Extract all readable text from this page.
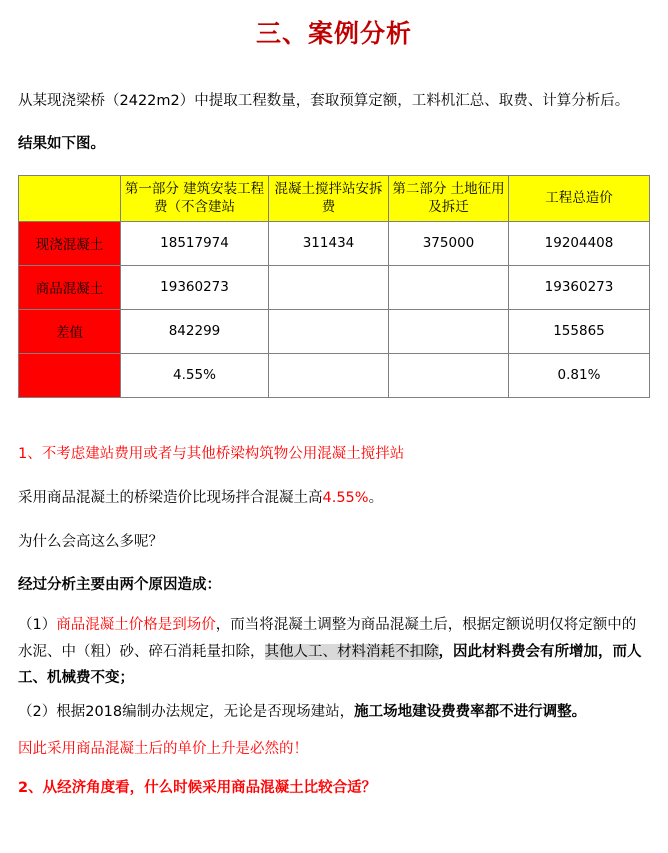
三、案例分析

从某现浇梁桥（2422m2）中提取工程数量，套取预算定额，工料机汇总、取费、计算分析后。

结果如下图。

	第一部分 建筑安装工程费（不含建站	混凝土搅拌站安拆费	第二部分 土地征用及拆迁	工程总造价
现浇混凝土	18517974	311434	375000	19204408
商品混凝土	19360273			19360273
差值	842299			155865
	4.55%			0.81%

1、不考虑建站费用或者与其他桥梁构筑物公用混凝土搅拌站

采用商品混凝土的桥梁造价比现场拌合混凝土高4.55%。

为什么会高这么多呢？

经过分析主要由两个原因造成：

（1）商品混凝土价格是到场价，而当将混凝土调整为商品混凝土后，根据定额说明仅将定额中的水泥、中（粗）砂、碎石消耗量扣除，其他人工、材料消耗不扣除，因此材料费会有所增加，而人工、机械费不变；

（2）根据2018编制办法规定，无论是否现场建站，施工场地建设费费率都不进行调整。

因此采用商品混凝土后的单价上升是必然的！

2、从经济角度看，什么时候采用商品混凝土比较合适？
